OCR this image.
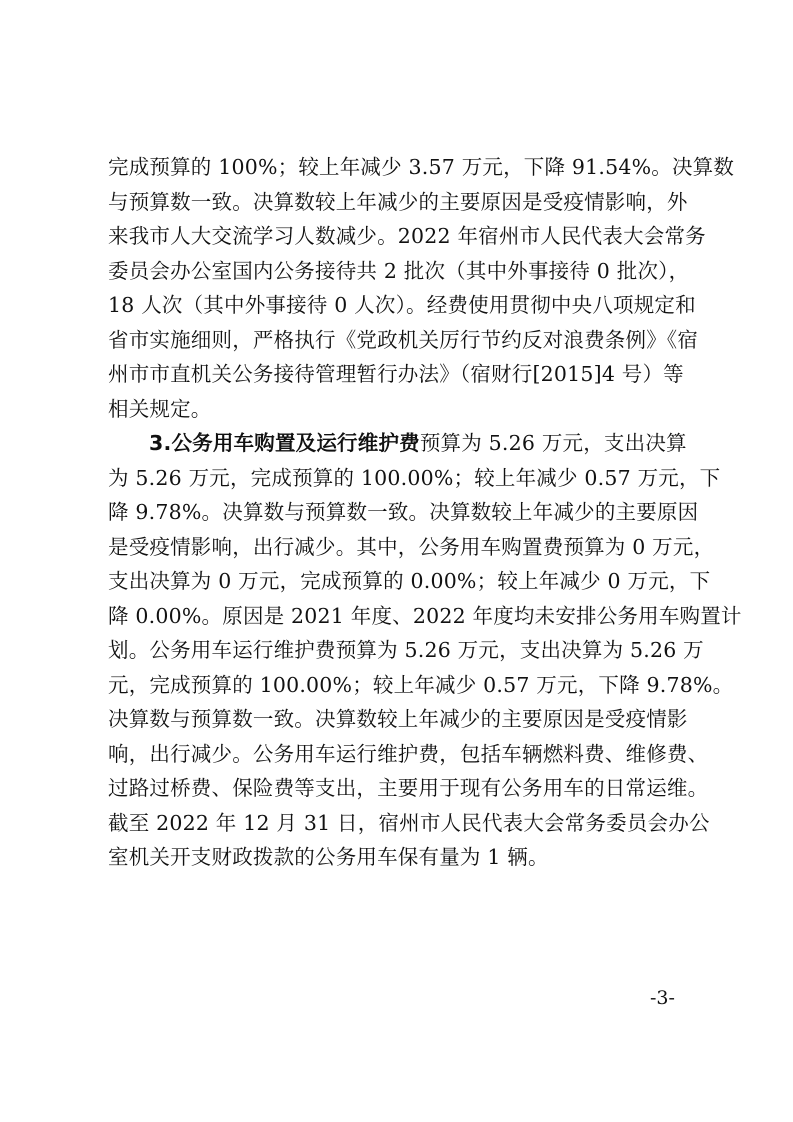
完成预算的 100%；较上年减少 3.57 万元，下降 91.54%。决算数
与预算数一致。决算数较上年减少的主要原因是受疫情影响，外
来我市人大交流学习人数减少。2022 年宿州市人民代表大会常务
委员会办公室国内公务接待共 2 批次（其中外事接待 0 批次），
18 人次（其中外事接待 0 人次）。经费使用贯彻中央八项规定和
省市实施细则，严格执行《党政机关厉行节约反对浪费条例》《宿
州市市直机关公务接待管理暂行办法》（宿财行[2015]4 号）等
相关规定。
3.公务用车购置及运行维护费预算为 5.26 万元，支出决算
为 5.26 万元，完成预算的 100.00%；较上年减少 0.57 万元，下
降 9.78%。决算数与预算数一致。决算数较上年减少的主要原因
是受疫情影响，出行减少。其中，公务用车购置费预算为 0 万元，
支出决算为 0 万元，完成预算的 0.00%；较上年减少 0 万元，下
降 0.00%。原因是 2021 年度、2022 年度均未安排公务用车购置计
划。公务用车运行维护费预算为 5.26 万元，支出决算为 5.26 万
元，完成预算的 100.00%；较上年减少 0.57 万元，下降 9.78%。
决算数与预算数一致。决算数较上年减少的主要原因是受疫情影
响，出行减少。公务用车运行维护费，包括车辆燃料费、维修费、
过路过桥费、保险费等支出，主要用于现有公务用车的日常运维。
截至 2022 年 12 月 31 日，宿州市人民代表大会常务委员会办公
室机关开支财政拨款的公务用车保有量为 1 辆。
-3-
